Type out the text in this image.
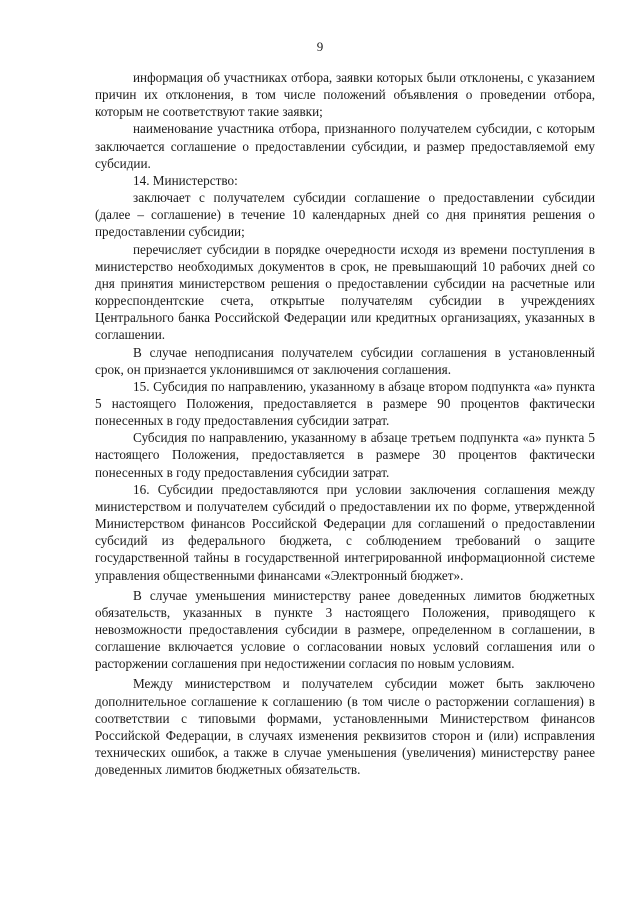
9

информация об участниках отбора, заявки которых были отклонены, с указанием причин их отклонения, в том числе положений объявления о проведении отбора, которым не соответствуют такие заявки;

наименование участника отбора, признанного получателем субсидии, с которым заключается соглашение о предоставлении субсидии, и размер предоставляемой ему субсидии.

14. Министерство:

заключает с получателем субсидии соглашение о предоставлении субсидии (далее – соглашение) в течение 10 календарных дней со дня принятия решения о предоставлении субсидии;

перечисляет субсидии в порядке очередности исходя из времени поступления в министерство необходимых документов в срок, не превышающий 10 рабочих дней со дня принятия министерством решения о предоставлении субсидии на расчетные или корреспондентские счета, открытые получателям субсидии в учреждениях Центрального банка Российской Федерации или кредитных организациях, указанных в соглашении.

В случае неподписания получателем субсидии соглашения в установленный срок, он признается уклонившимся от заключения соглашения.

15. Субсидия по направлению, указанному в абзаце втором подпункта «а» пункта 5 настоящего Положения, предоставляется в размере 90 процентов фактически понесенных в году предоставления субсидии затрат.

Субсидия по направлению, указанному в абзаце третьем подпункта «а» пункта 5 настоящего Положения, предоставляется в размере 30 процентов фактически понесенных в году предоставления субсидии затрат.

16. Субсидии предоставляются при условии заключения соглашения между министерством и получателем субсидий о предоставлении их по форме, утвержденной Министерством финансов Российской Федерации для соглашений о предоставлении субсидий из федерального бюджета, с соблюдением требований о защите государственной тайны в государственной интегрированной информационной системе управления общественными финансами «Электронный бюджет».

В случае уменьшения министерству ранее доведенных лимитов бюджетных обязательств, указанных в пункте 3 настоящего Положения, приводящего к невозможности предоставления субсидии в размере, определенном в соглашении, в соглашение включается условие о согласовании новых условий соглашения или о расторжении соглашения при недостижении согласия по новым условиям.

Между министерством и получателем субсидии может быть заключено дополнительное соглашение к соглашению (в том числе о расторжении соглашения) в соответствии с типовыми формами, установленными Министерством финансов Российской Федерации, в случаях изменения реквизитов сторон и (или) исправления технических ошибок, а также в случае уменьшения (увеличения) министерству ранее доведенных лимитов бюджетных обязательств.
